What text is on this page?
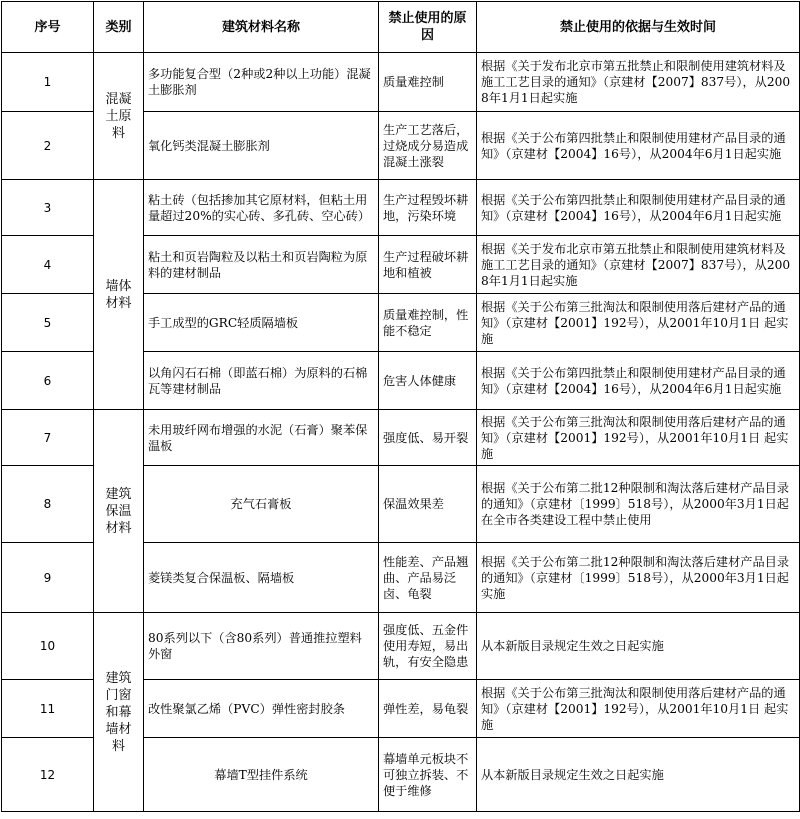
序号	类别	建筑材料名称	禁止使用的原因	禁止使用的依据与生效时间
1	混凝土原料	多功能复合型（2种或2种以上功能）混凝土膨胀剂	质量难控制	根据《关于发布北京市第五批禁止和限制使用建筑材料及施工工艺目录的通知》（京建材【2007】837号），从2008年1月1日起实施
2		氧化钙类混凝土膨胀剂	生产工艺落后，过烧成分易造成混凝土涨裂	根据《关于公布第四批禁止和限制使用建材产品目录的通知》（京建材【2004】16号），从2004年6月1日起实施
3	墙体材料	粘土砖（包括掺加其它原材料，但粘土用量超过20%的实心砖、多孔砖、空心砖）	生产过程毁坏耕地，污染环境	根据《关于公布第四批禁止和限制使用建材产品目录的通知》（京建材【2004】16号），从2004年6月1日起实施
4		粘土和页岩陶粒及以粘土和页岩陶粒为原料的建材制品	生产过程破坏耕地和植被	根据《关于发布北京市第五批禁止和限制使用建筑材料及施工工艺目录的通知》（京建材【2007】837号），从2008年1月1日起实施
5		手工成型的GRC轻质隔墙板	质量难控制，性能不稳定	根据《关于公布第三批淘汰和限制使用落后建材产品的通知》（京建材【2001】192号），从2001年10月1日 起实施
6		以角闪石石棉（即蓝石棉）为原料的石棉瓦等建材制品	危害人体健康	根据《关于公布第四批禁止和限制使用建材产品目录的通知》（京建材【2004】16号），从2004年6月1日起实施
7	建筑保温材料	未用玻纤网布增强的水泥（石膏）聚苯保温板	强度低、易开裂	根据《关于公布第三批淘汰和限制使用落后建材产品的通知》（京建材【2001】192号），从2001年10月1日 起实施
8		充气石膏板	保温效果差	根据《关于公布第二批12种限制和淘汰落后建材产品目录的通知》（京建材〔1999〕518号），从2000年3月1日起在全市各类建设工程中禁止使用
9		菱镁类复合保温板、隔墙板	性能差、产品翘曲、产品易泛卤、龟裂	根据《关于公布第二批12种限制和淘汰落后建材产品目录的通知》（京建材〔1999〕518号），从2000年3月1日起实施
10	建筑门窗和幕墙材料	80系列以下（含80系列）普通推拉塑料外窗	强度低、五金件使用寿短，易出轨，有安全隐患	从本新版目录规定生效之日起实施
11		改性聚氯乙烯（PVC）弹性密封胶条	弹性差，易龟裂	根据《关于公布第三批淘汰和限制使用落后建材产品的通知》（京建材【2001】192号），从2001年10月1日 起实施
12		幕墙T型挂件系统	幕墙单元板块不可独立拆装、不便于维修	从本新版目录规定生效之日起实施
